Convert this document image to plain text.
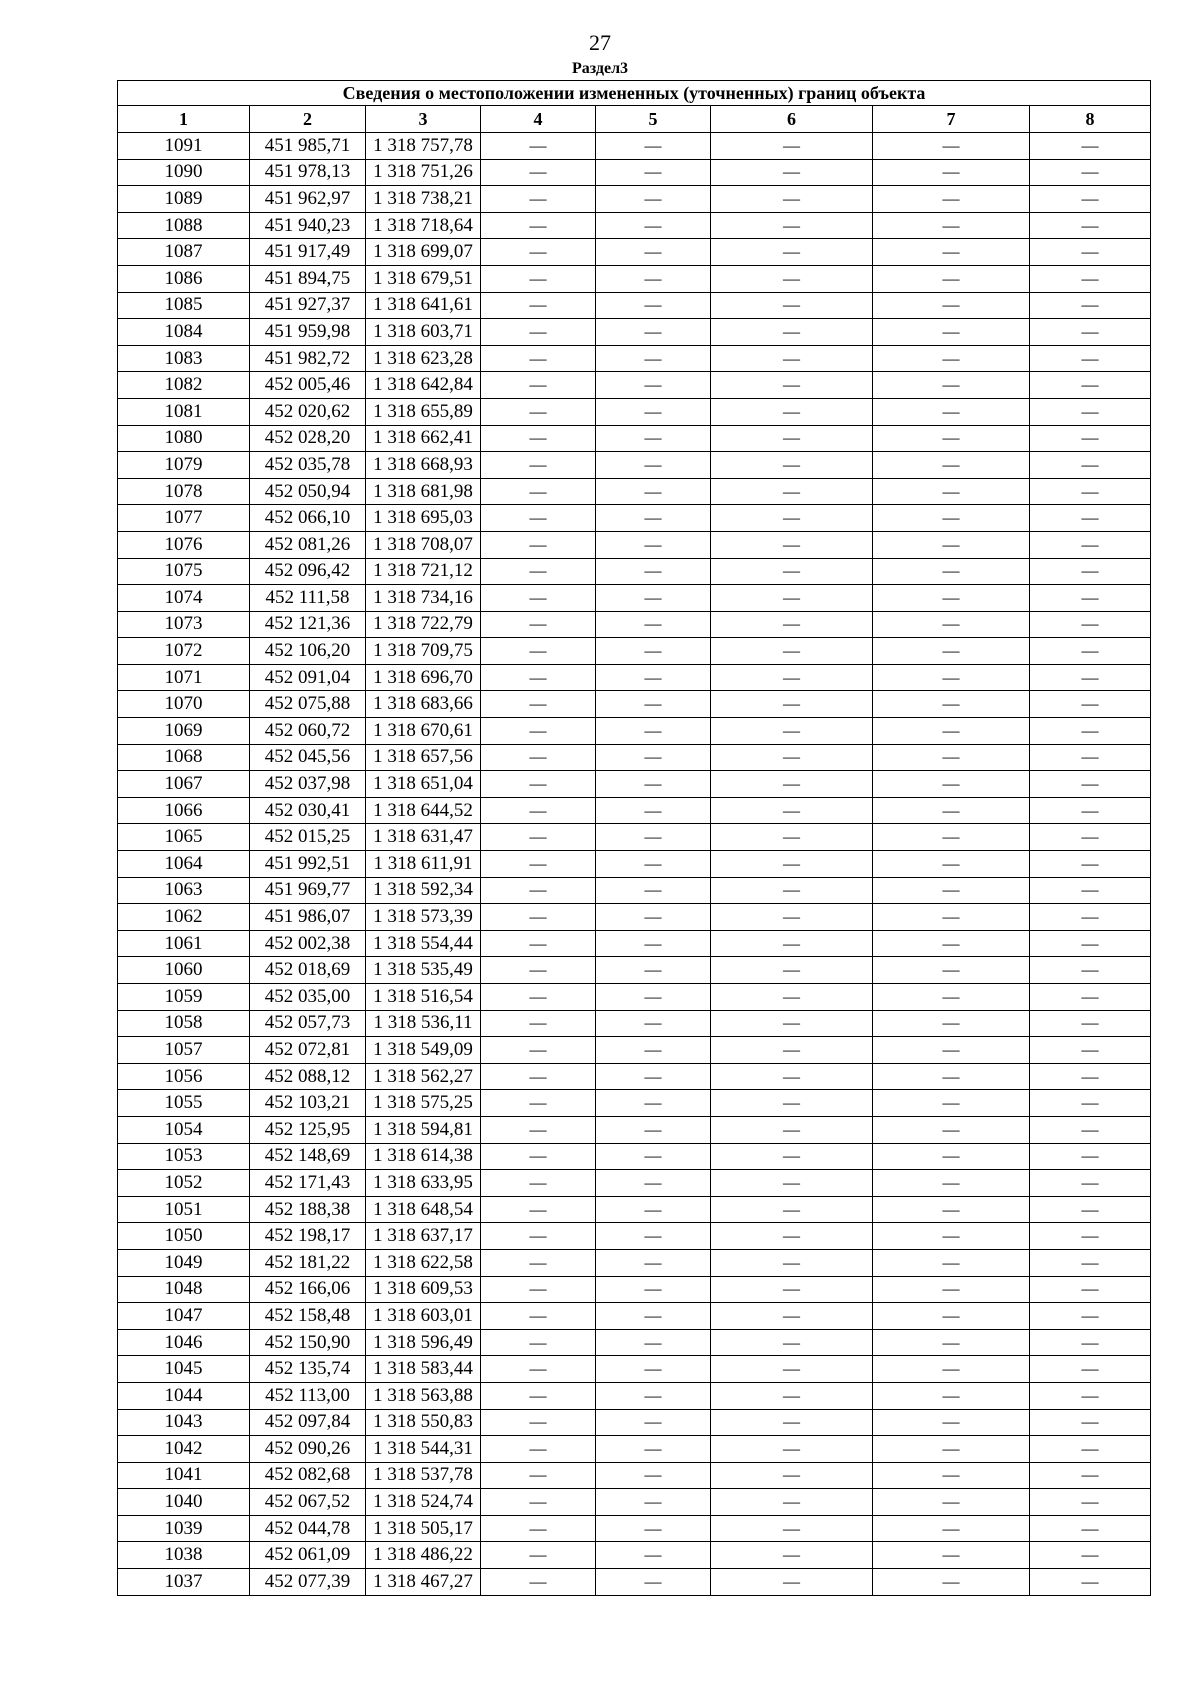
27
Раздел3
Сведения о местоположении измененных (уточненных) границ объекта							
1	2	3	4	5	6	7	8
1091	451 985,71	1 318 757,78	—	—	—	—	—
1090	451 978,13	1 318 751,26	—	—	—	—	—
1089	451 962,97	1 318 738,21	—	—	—	—	—
1088	451 940,23	1 318 718,64	—	—	—	—	—
1087	451 917,49	1 318 699,07	—	—	—	—	—
1086	451 894,75	1 318 679,51	—	—	—	—	—
1085	451 927,37	1 318 641,61	—	—	—	—	—
1084	451 959,98	1 318 603,71	—	—	—	—	—
1083	451 982,72	1 318 623,28	—	—	—	—	—
1082	452 005,46	1 318 642,84	—	—	—	—	—
1081	452 020,62	1 318 655,89	—	—	—	—	—
1080	452 028,20	1 318 662,41	—	—	—	—	—
1079	452 035,78	1 318 668,93	—	—	—	—	—
1078	452 050,94	1 318 681,98	—	—	—	—	—
1077	452 066,10	1 318 695,03	—	—	—	—	—
1076	452 081,26	1 318 708,07	—	—	—	—	—
1075	452 096,42	1 318 721,12	—	—	—	—	—
1074	452 111,58	1 318 734,16	—	—	—	—	—
1073	452 121,36	1 318 722,79	—	—	—	—	—
1072	452 106,20	1 318 709,75	—	—	—	—	—
1071	452 091,04	1 318 696,70	—	—	—	—	—
1070	452 075,88	1 318 683,66	—	—	—	—	—
1069	452 060,72	1 318 670,61	—	—	—	—	—
1068	452 045,56	1 318 657,56	—	—	—	—	—
1067	452 037,98	1 318 651,04	—	—	—	—	—
1066	452 030,41	1 318 644,52	—	—	—	—	—
1065	452 015,25	1 318 631,47	—	—	—	—	—
1064	451 992,51	1 318 611,91	—	—	—	—	—
1063	451 969,77	1 318 592,34	—	—	—	—	—
1062	451 986,07	1 318 573,39	—	—	—	—	—
1061	452 002,38	1 318 554,44	—	—	—	—	—
1060	452 018,69	1 318 535,49	—	—	—	—	—
1059	452 035,00	1 318 516,54	—	—	—	—	—
1058	452 057,73	1 318 536,11	—	—	—	—	—
1057	452 072,81	1 318 549,09	—	—	—	—	—
1056	452 088,12	1 318 562,27	—	—	—	—	—
1055	452 103,21	1 318 575,25	—	—	—	—	—
1054	452 125,95	1 318 594,81	—	—	—	—	—
1053	452 148,69	1 318 614,38	—	—	—	—	—
1052	452 171,43	1 318 633,95	—	—	—	—	—
1051	452 188,38	1 318 648,54	—	—	—	—	—
1050	452 198,17	1 318 637,17	—	—	—	—	—
1049	452 181,22	1 318 622,58	—	—	—	—	—
1048	452 166,06	1 318 609,53	—	—	—	—	—
1047	452 158,48	1 318 603,01	—	—	—	—	—
1046	452 150,90	1 318 596,49	—	—	—	—	—
1045	452 135,74	1 318 583,44	—	—	—	—	—
1044	452 113,00	1 318 563,88	—	—	—	—	—
1043	452 097,84	1 318 550,83	—	—	—	—	—
1042	452 090,26	1 318 544,31	—	—	—	—	—
1041	452 082,68	1 318 537,78	—	—	—	—	—
1040	452 067,52	1 318 524,74	—	—	—	—	—
1039	452 044,78	1 318 505,17	—	—	—	—	—
1038	452 061,09	1 318 486,22	—	—	—	—	—
1037	452 077,39	1 318 467,27	—	—	—	—	—
